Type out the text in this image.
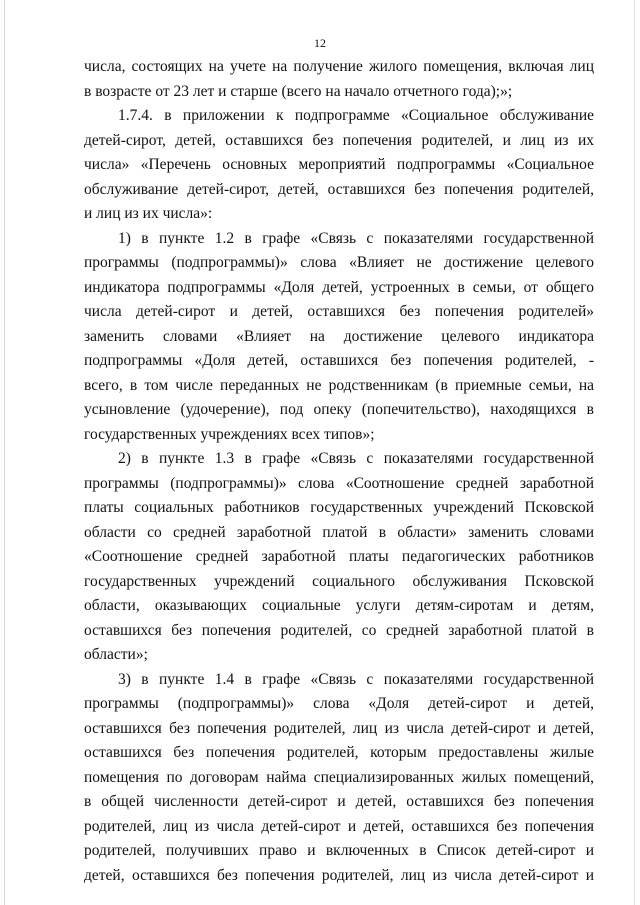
12
числа, состоящих на учете на получение жилого помещения, включая лиц
в возрасте от 23 лет и старше (всего на начало отчетного года);»;
1.7.4. в приложении к подпрограмме «Социальное обслуживание
детей-сирот, детей, оставшихся без попечения родителей, и лиц из их
числа» «Перечень основных мероприятий подпрограммы «Социальное
обслуживание детей-сирот, детей, оставшихся без попечения родителей,
и лиц из их числа»:
1) в пункте 1.2 в графе «Связь с показателями государственной
программы (подпрограммы)» слова «Влияет не достижение целевого
индикатора подпрограммы «Доля детей, устроенных в семьи, от общего
числа детей-сирот и детей, оставшихся без попечения родителей»
заменить словами «Влияет на достижение целевого индикатора
подпрограммы «Доля детей, оставшихся без попечения родителей, -
всего, в том числе переданных не родственникам (в приемные семьи, на
усыновление (удочерение), под опеку (попечительство), находящихся в
государственных учреждениях всех типов»;
2) в пункте 1.3 в графе «Связь с показателями государственной
программы (подпрограммы)» слова «Соотношение средней заработной
платы социальных работников государственных учреждений Псковской
области со средней заработной платой в области» заменить словами
«Соотношение средней заработной платы педагогических работников
государственных учреждений социального обслуживания Псковской
области, оказывающих социальные услуги детям-сиротам и детям,
оставшихся без попечения родителей, со средней заработной платой в
области»;
3) в пункте 1.4 в графе «Связь с показателями государственной
программы (подпрограммы)» слова «Доля детей-сирот и детей,
оставшихся без попечения родителей, лиц из числа детей-сирот и детей,
оставшихся без попечения родителей, которым предоставлены жилые
помещения по договорам найма специализированных жилых помещений,
в общей численности детей-сирот и детей, оставшихся без попечения
родителей, лиц из числа детей-сирот и детей, оставшихся без попечения
родителей, получивших право и включенных в Список детей-сирот и
детей, оставшихся без попечения родителей, лиц из числа детей-сирот и
